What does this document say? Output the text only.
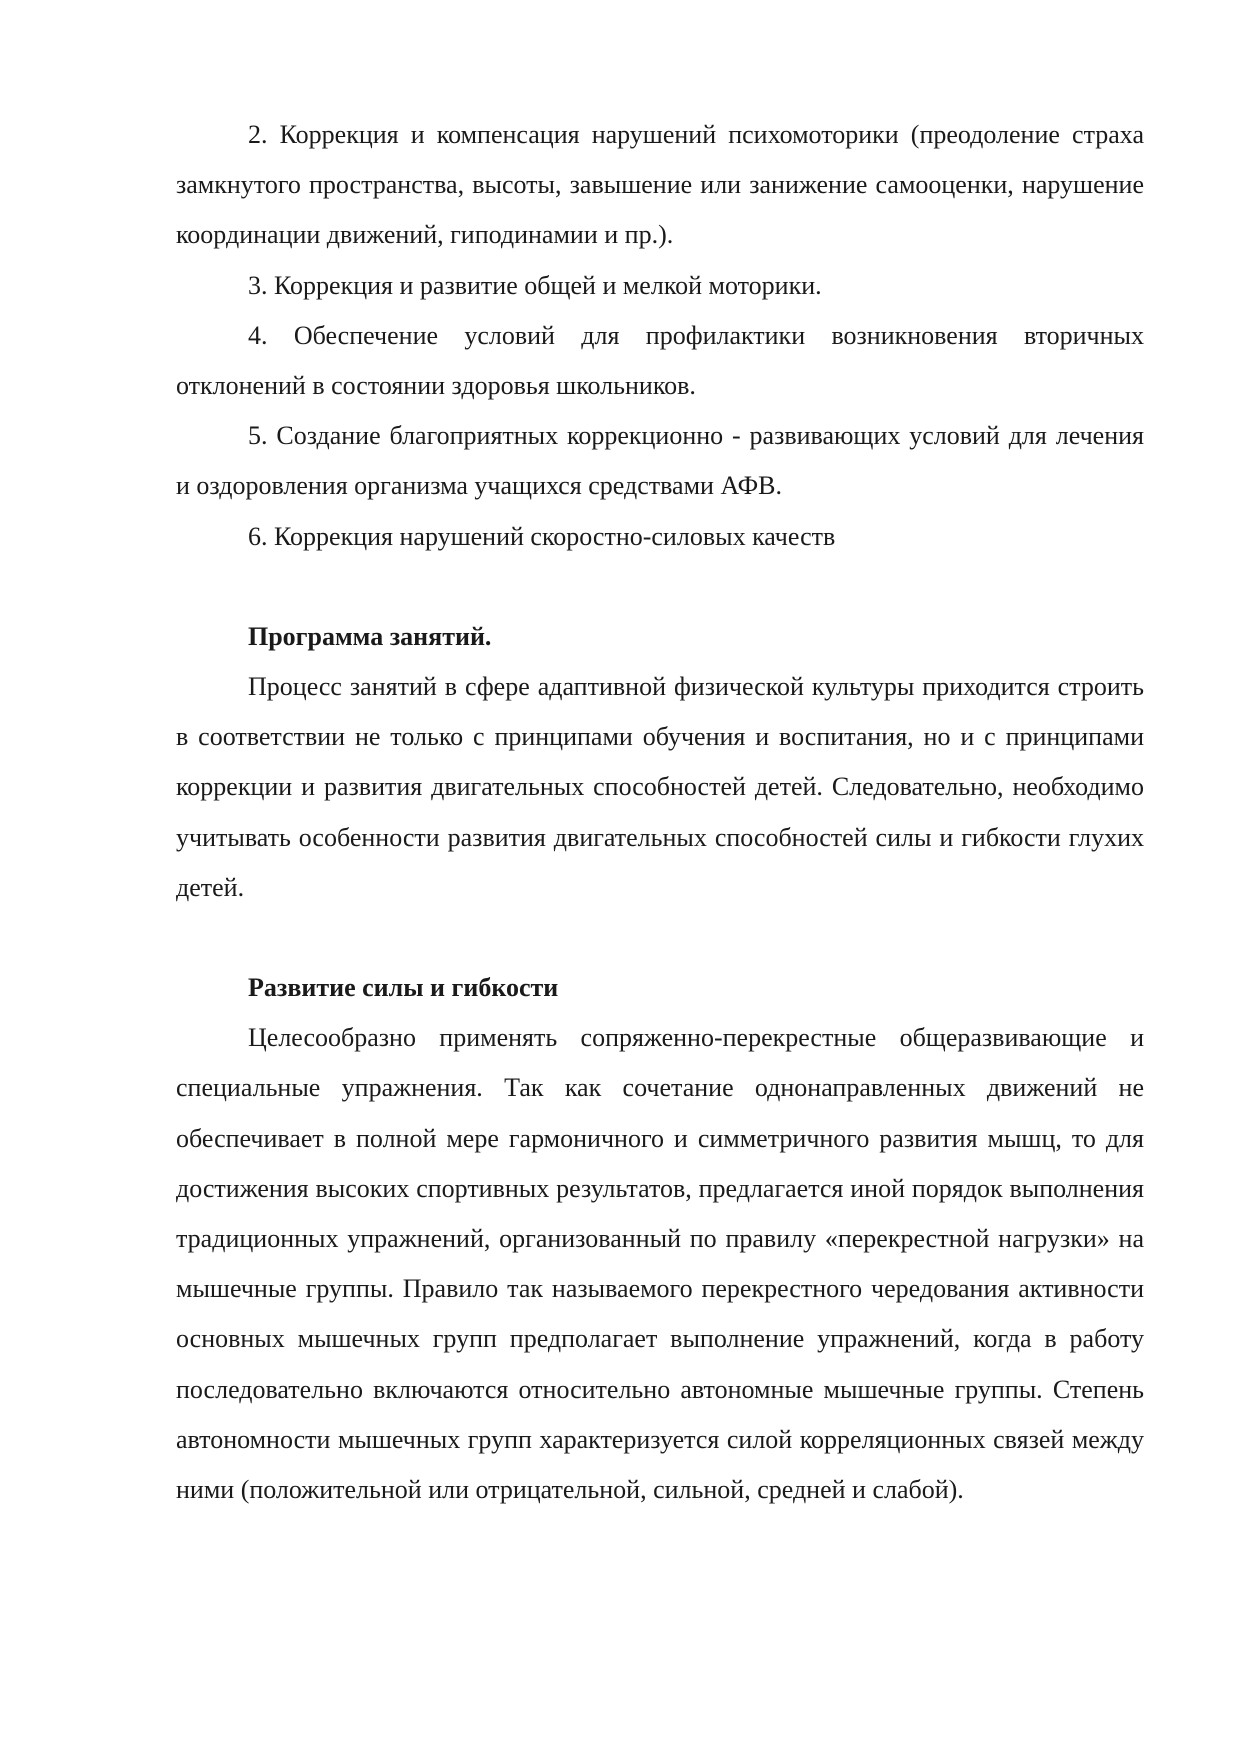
2. Коррекция и компенсация нарушений психомоторики (преодоление страха замкнутого пространства, высоты, завышение или занижение самооценки, нарушение координации движений, гиподинамии и пр.).

3. Коррекция и развитие общей и мелкой моторики.

4. Обеспечение условий для профилактики возникновения вторичных отклонений в состоянии здоровья школьников.

5. Создание благоприятных коррекционно - развивающих условий для лечения и оздоровления организма учащихся средствами АФВ.

6. Коррекция нарушений скоростно-силовых качеств

Программа занятий.

Процесс занятий в сфере адаптивной физической культуры приходится строить в соответствии не только с принципами обучения и воспитания, но и с принципами коррекции и развития двигательных способностей детей. Следовательно, необходимо учитывать особенности развития двигательных способностей силы и гибкости глухих детей.

Развитие силы и гибкости

Целесообразно применять сопряженно-перекрестные общеразвивающие и специальные упражнения. Так как сочетание однонаправленных движений не обеспечивает в полной мере гармоничного и симметричного развития мышц, то для достижения высоких спортивных результатов, предлагается иной порядок выполнения традиционных упражнений, организованный по правилу «перекрестной нагрузки» на мышечные группы. Правило так называемого перекрестного чередования активности основных мышечных групп предполагает выполнение упражнений, когда в работу последовательно включаются относительно автономные мышечные группы. Степень автономности мышечных групп характеризуется силой корреляционных связей между ними (положительной или отрицательной, сильной, средней и слабой).
